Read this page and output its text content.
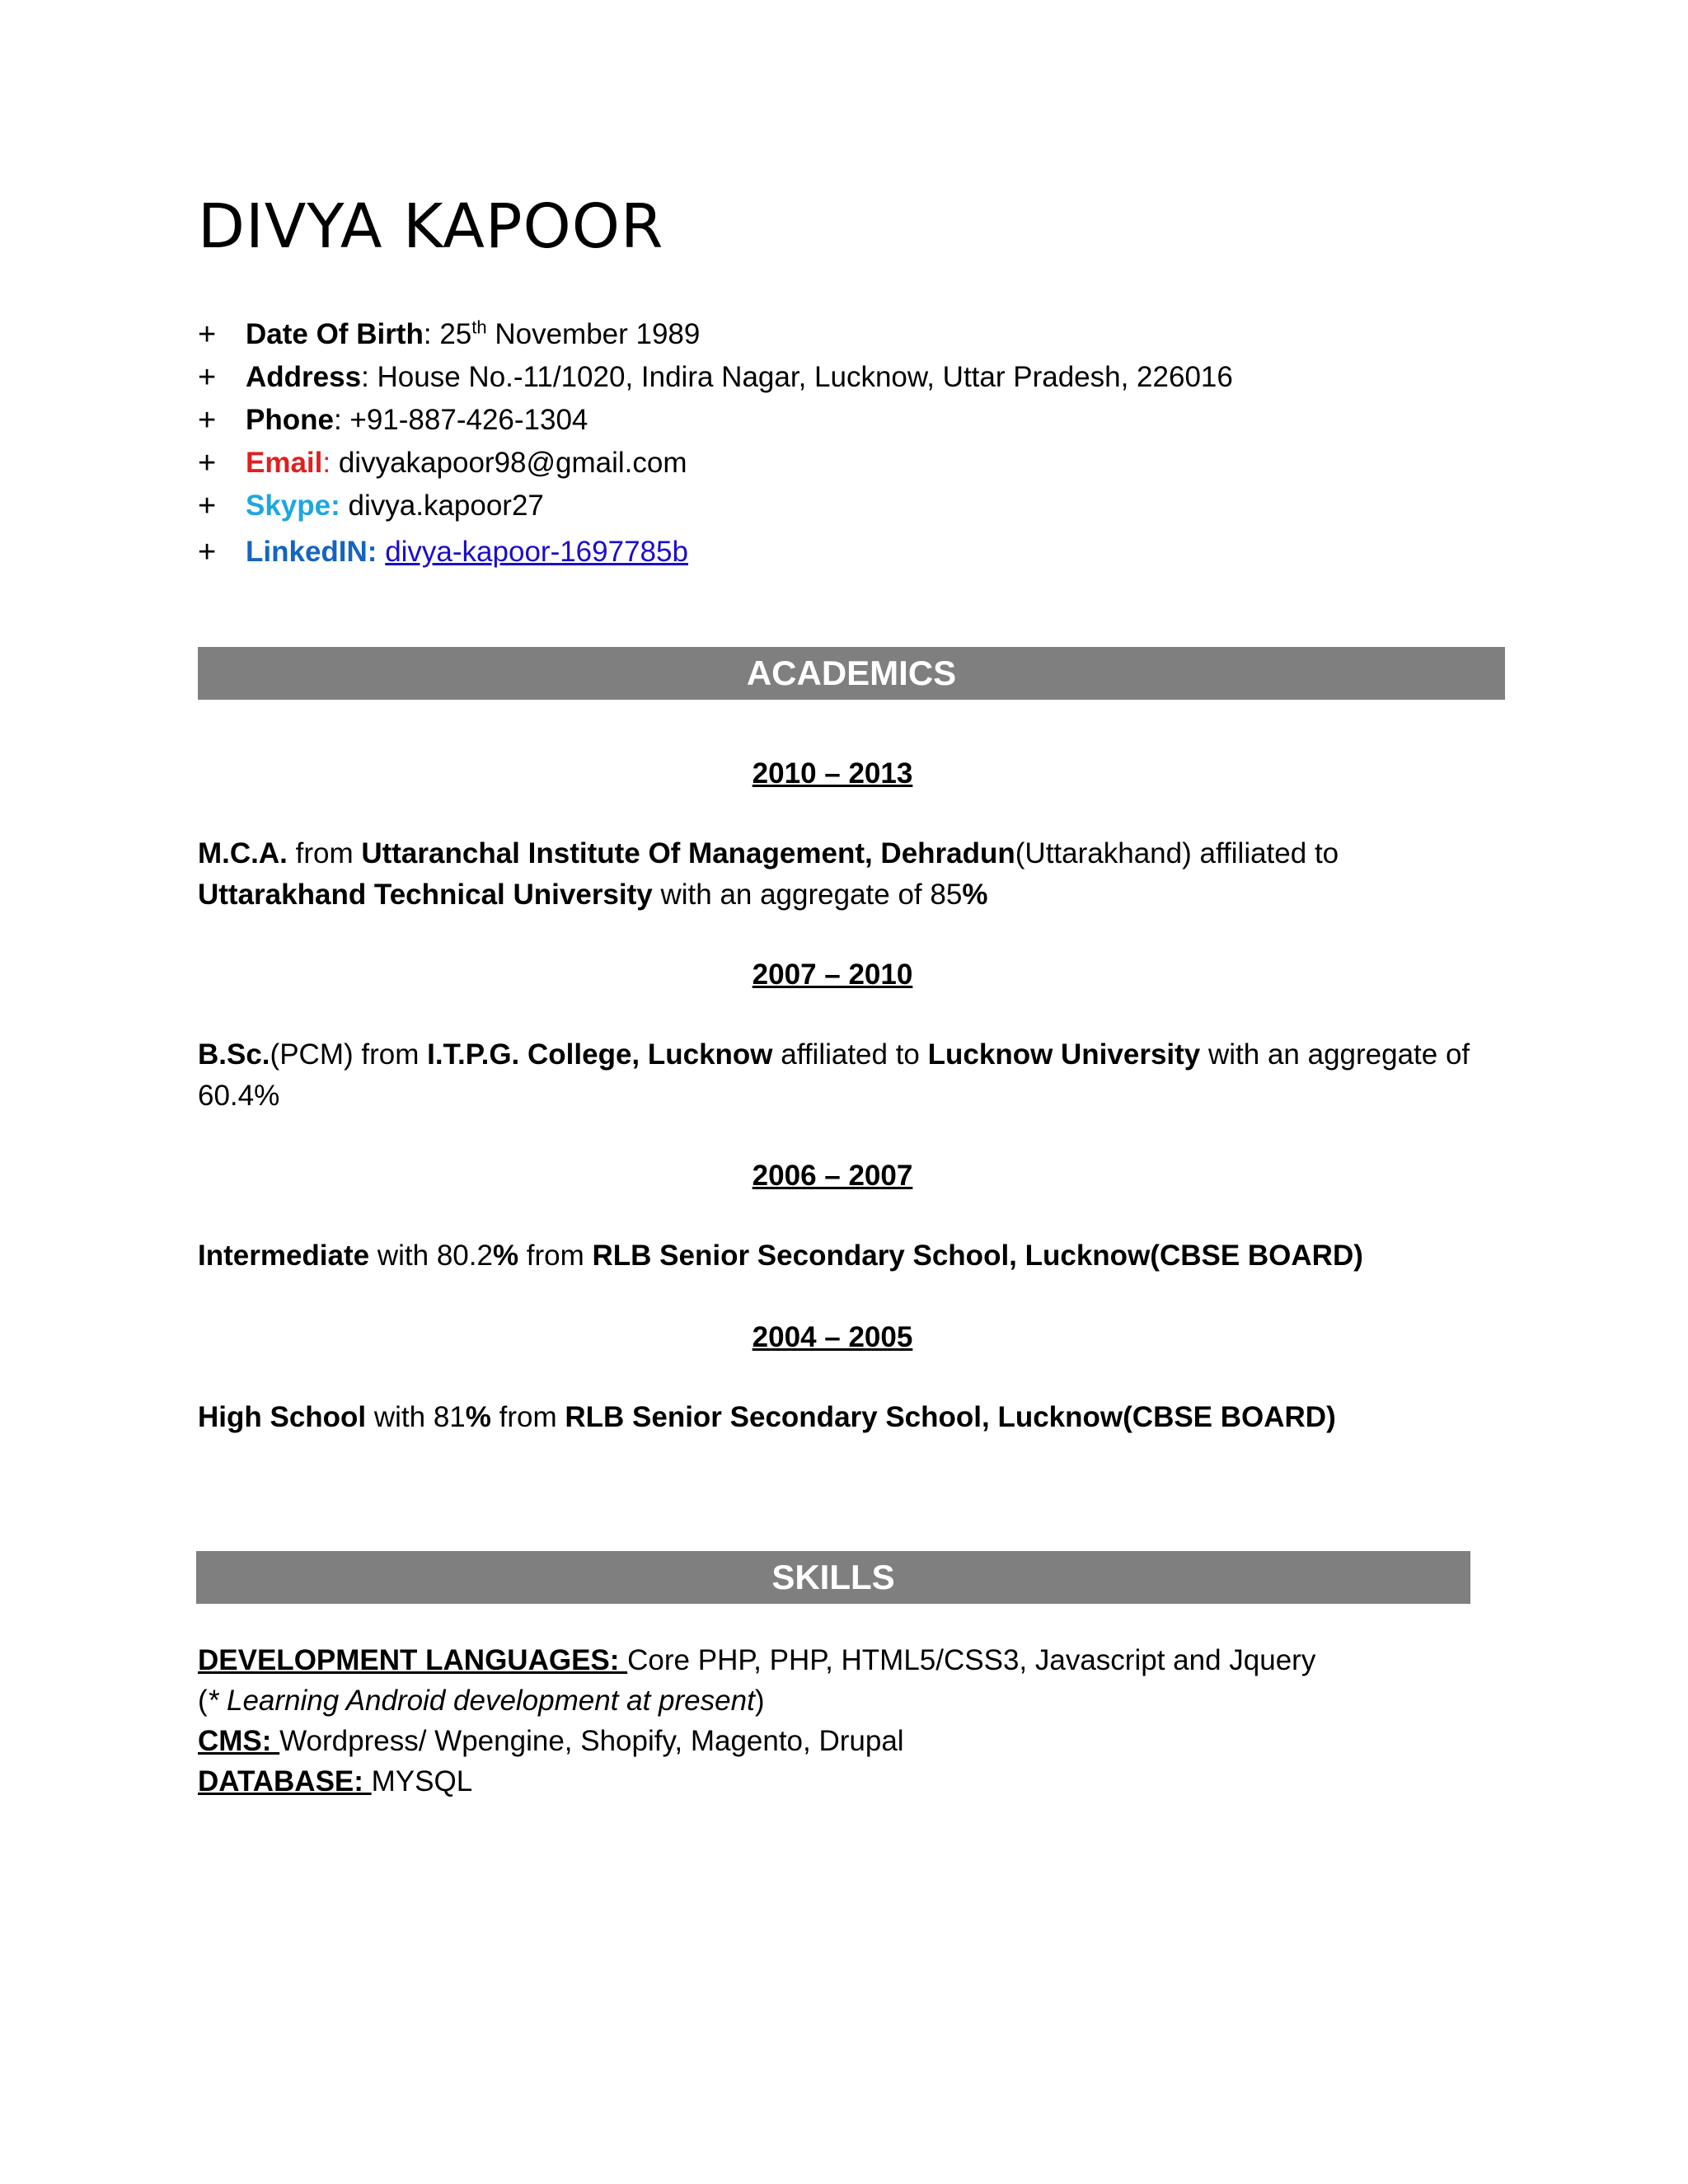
DIVYA KAPOOR
+ Date Of Birth: 25th November 1989
+ Address: House No.-11/1020, Indira Nagar, Lucknow, Uttar Pradesh, 226016
+ Phone: +91-887-426-1304
+ Email: divyakapoor98@gmail.com
+ Skype: divya.kapoor27
+ LinkedIN: divya-kapoor-1697785b
ACADEMICS
2010 – 2013
M.C.A. from Uttaranchal Institute Of Management, Dehradun(Uttarakhand) affiliated to Uttarakhand Technical University with an aggregate of 85%
2007 – 2010
B.Sc.(PCM) from I.T.P.G. College, Lucknow affiliated to Lucknow University with an aggregate of 60.4%
2006 – 2007
Intermediate with 80.2% from RLB Senior Secondary School, Lucknow(CBSE BOARD)
2004 – 2005
High School with 81% from RLB Senior Secondary School, Lucknow(CBSE BOARD)
SKILLS
DEVELOPMENT LANGUAGES: Core PHP, PHP, HTML5/CSS3, Javascript and Jquery
(* Learning Android development at present)
CMS: Wordpress/ Wpengine, Shopify, Magento, Drupal
DATABASE: MYSQL
